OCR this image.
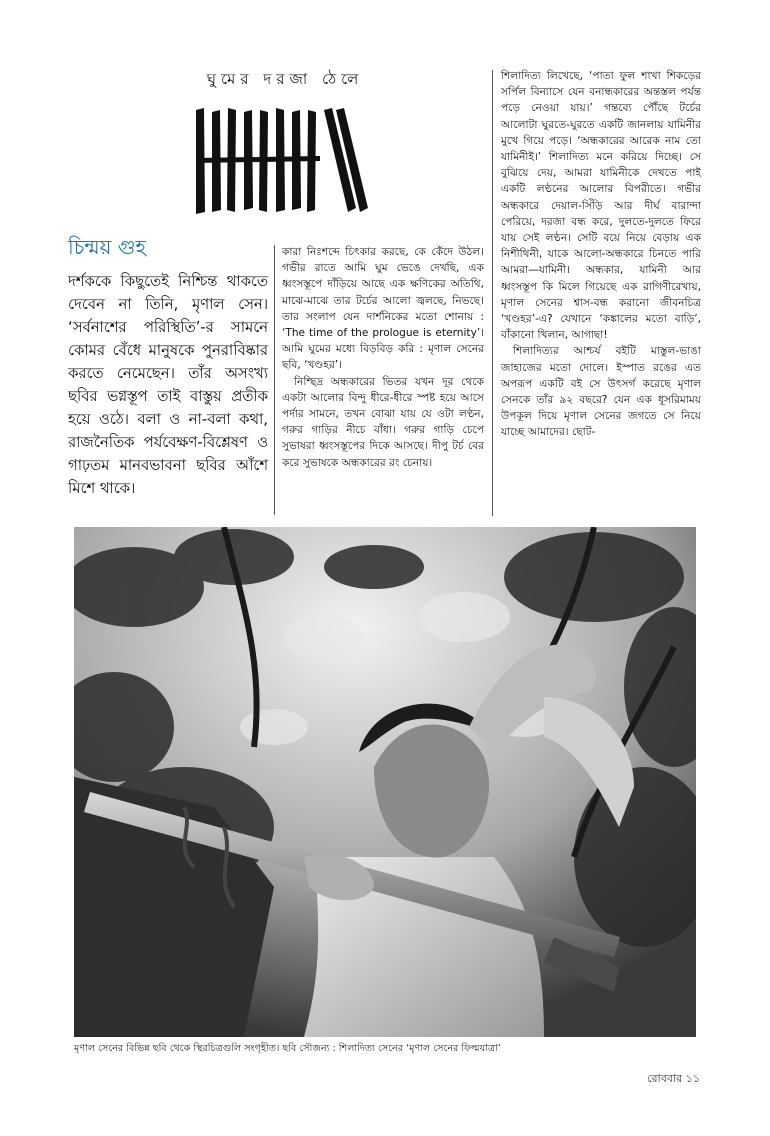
ঘুমের দরজা ঠেলে
চিন্ময় গুহ

দর্শককে কিছুতেই নিশ্চিন্ত থাকতে দেবেন না তিনি, মৃণাল সেন। ‘সর্বনাশের পরিস্থিতি’-র সামনে কোমর বেঁধে মানুষকে পুনরাবিষ্কার করতে নেমেছেন। তাঁর অসংখ্য ছবির ভগ্নস্তূপ তাই বাস্তুয় প্রতীক হয়ে ওঠে। বলা ও না-বলা কথা, রাজনৈতিক পর্যবেক্ষণ-বিশ্লেষণ ও গাঢ়তম মানবভাবনা ছবির আঁশে মিশে থাকে।

কারা নিঃশব্দে চিৎকার করছে, কে কেঁদে উঠল। গভীর রাতে আমি ঘুম ভেঙে দেখছি, এক ধ্বংসস্তূপে দাঁড়িয়ে আছে এক ক্ষণিকের অতিথি, মাঝে-মাঝে তার টর্চের আলো জ্বলছে, নিভছে। তার সংলাপ যেন দার্শনিকের মতো শোনায় : ‘The time of the prologue is eternity’। আমি ঘুমের মধ্যে বিড়বিড় করি : মৃণাল সেনের ছবি, ‘খণ্ডহর’।

নিশ্ছিদ্র অন্ধকারের ভিতর যখন দূর থেকে একটা আলোর বিন্দু ধীরে-ধীরে স্পষ্ট হয়ে আসে পর্দার সামনে, তখন বোঝা যায় যে ওটা লণ্ঠন, গরুর গাড়ির নীচে বাঁধা। গরুর গাড়ি চেপে সুভাষরা ধ্বংসস্তূপের দিকে আসছে। দীপু টর্চ বের করে সুভাষকে অন্ধকারের রং চেনায়।

শিলাদিত্য লিখেছে, ‘পাতা ফুল শাখা শিকড়ের সর্পিল বিন্যাসে যেন বনান্ধকারের অন্তস্তল পর্যন্ত পড়ে নেওয়া যায়।’ গন্তব্যে পৌঁছে টর্চের আলোটা ঘুরতে-ঘুরতে একটি জানলায় যামিনীর মুখে গিয়ে পড়ে। ‘অন্ধকারের আরেক নাম তো যামিনীই।’ শিলাদিত্য মনে করিয়ে দিচ্ছে। সে বুঝিয়ে দেয়, আমরা যামিনীকে দেখতে পাই একটি লণ্ঠনের আলোর বিপরীতে। গভীর অন্ধকারে দেয়াল-সিঁড়ি আর দীর্ঘ বারান্দা পেরিয়ে, দরজা বন্ধ করে, দুলতে-দুলতে ফিরে যায় সেই লণ্ঠন। সেটি বয়ে নিয়ে বেড়ায় এক নিশীথিনী, যাকে আলো-অন্ধকারে চিনতে পারি আমরা—যামিনী। অন্ধকার, যামিনী আর ধ্বংসস্তূপ কি মিলে গিয়েছে এক রাগিণীরেখায়, মৃণাল সেনের শ্বাস-বন্ধ করানো জীবনচিত্র ‘খণ্ডহর’-এ? যেখানে ‘কঙ্কালের মতো বাড়ি’, বাঁকানো খিলান, আগাছা!

শিলাদিত্যর আশ্চর্য বইটি মাস্তুল-ভাঙা জাহাজের মতো দোলে। ইস্পাত রঙের এত অপরূপ একটি বই সে উৎসর্গ করেছে মৃণাল সেনকে তাঁর ৯২ বছরে? যেন এক ধূসরিমাময় উপকূল দিয়ে মৃণাল সেনের জগতে সে নিয়ে যাচ্ছে আমাদের। ছোট-

মৃণাল সেনের বিভিন্ন ছবি থেকে স্থিরচিত্রগুলি সংগৃহীত। ছবি সৌজন্য : শিলাদিত্য সেনের ‘মৃণাল সেনের ফিল্মযাত্রা’
রোববার ১১
